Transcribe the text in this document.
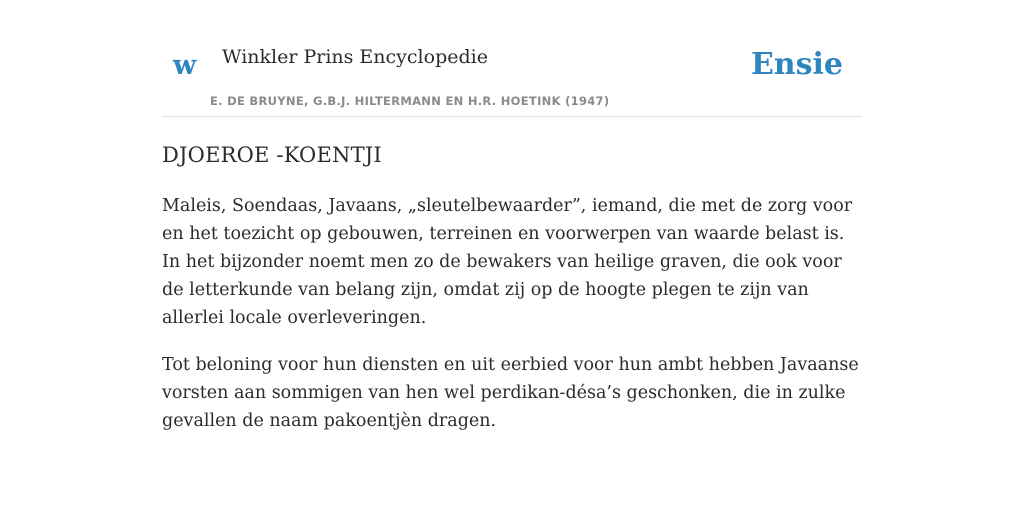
w Winkler Prins Encyclopedie
E. DE BRUYNE, G.B.J. HILTERMANN EN H.R. HOETINK (1947)
Ensie
DJOEROE -KOENTJI

Maleis, Soendaas, Javaans, „sleutelbewaarder”, iemand, die met de zorg voor en het toezicht op gebouwen, terreinen en voorwerpen van waarde belast is. In het bijzonder noemt men zo de bewakers van heilige graven, die ook voor de letterkunde van belang zijn, omdat zij op de hoogte plegen te zijn van allerlei locale overleveringen.

Tot beloning voor hun diensten en uit eerbied voor hun ambt hebben Javaanse vorsten aan sommigen van hen wel perdikan-désa’s geschonken, die in zulke gevallen de naam pakoentjèn dragen.
